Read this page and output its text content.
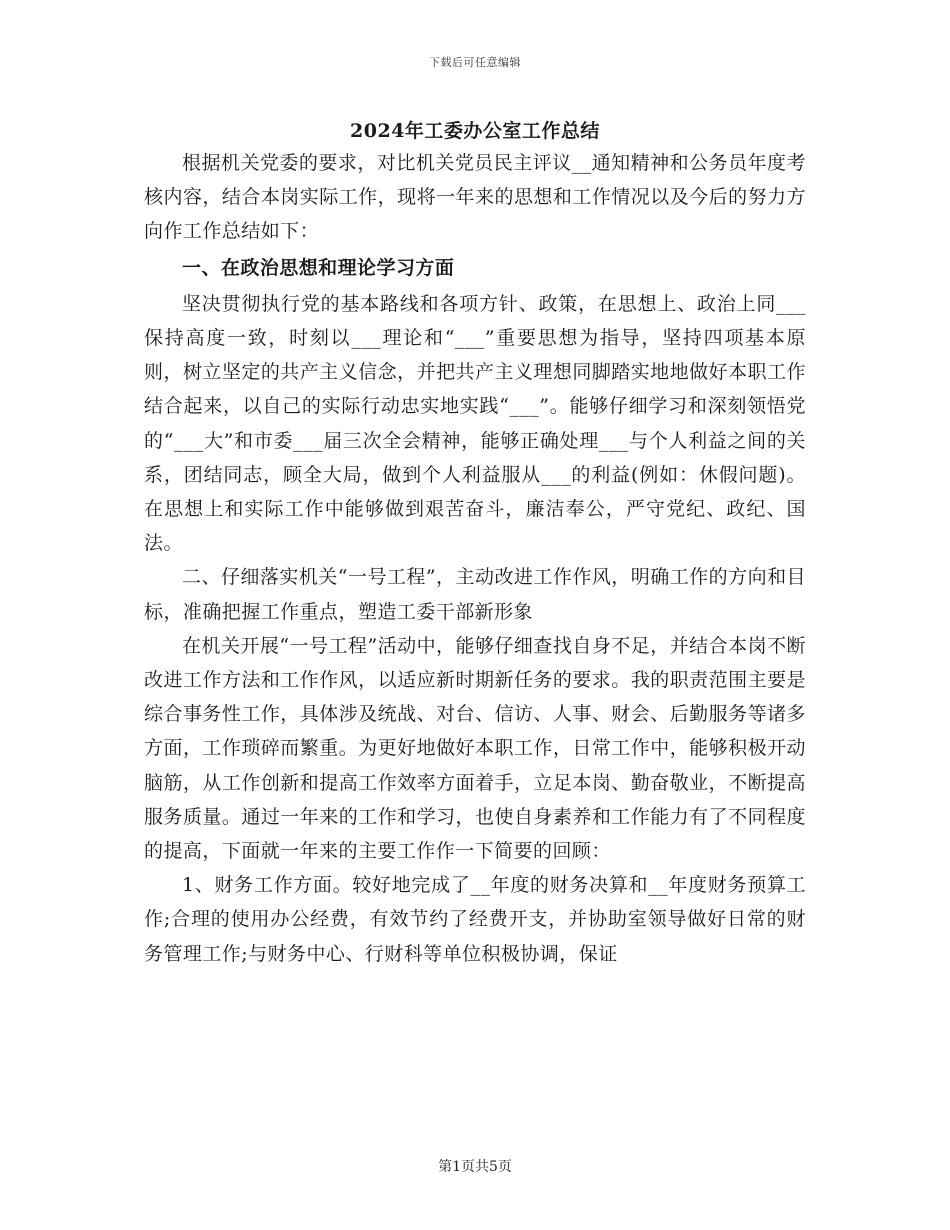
下载后可任意编辑
2024年工委办公室工作总结

根据机关党委的要求，对比机关党员民主评议__通知精神和公务员年度考核内容，结合本岗实际工作，现将一年来的思想和工作情况以及今后的努力方向作工作总结如下：

一、在政治思想和理论学习方面

坚决贯彻执行党的基本路线和各项方针、政策，在思想上、政治上同___保持高度一致，时刻以___理论和“___”重要思想为指导，坚持四项基本原则，树立坚定的共产主义信念，并把共产主义理想同脚踏实地地做好本职工作结合起来，以自己的实际行动忠实地实践“___”。能够仔细学习和深刻领悟党的“___大”和市委___届三次全会精神，能够正确处理___与个人利益之间的关系，团结同志，顾全大局，做到个人利益服从___的利益(例如：休假问题)。在思想上和实际工作中能够做到艰苦奋斗，廉洁奉公，严守党纪、政纪、国法。

二、仔细落实机关“一号工程”，主动改进工作作风，明确工作的方向和目标，准确把握工作重点，塑造工委干部新形象

在机关开展“一号工程”活动中，能够仔细查找自身不足，并结合本岗不断改进工作方法和工作作风，以适应新时期新任务的要求。我的职责范围主要是综合事务性工作，具体涉及统战、对台、信访、人事、财会、后勤服务等诸多方面，工作琐碎而繁重。为更好地做好本职工作，日常工作中，能够积极开动脑筋，从工作创新和提高工作效率方面着手，立足本岗、勤奋敬业，不断提高服务质量。通过一年来的工作和学习，也使自身素养和工作能力有了不同程度的提高，下面就一年来的主要工作作一下简要的回顾：

1、财务工作方面。较好地完成了__年度的财务决算和__年度财务预算工作;合理的使用办公经费，有效节约了经费开支，并协助室领导做好日常的财务管理工作;与财务中心、行财科等单位积极协调，保证

第1页共5页
